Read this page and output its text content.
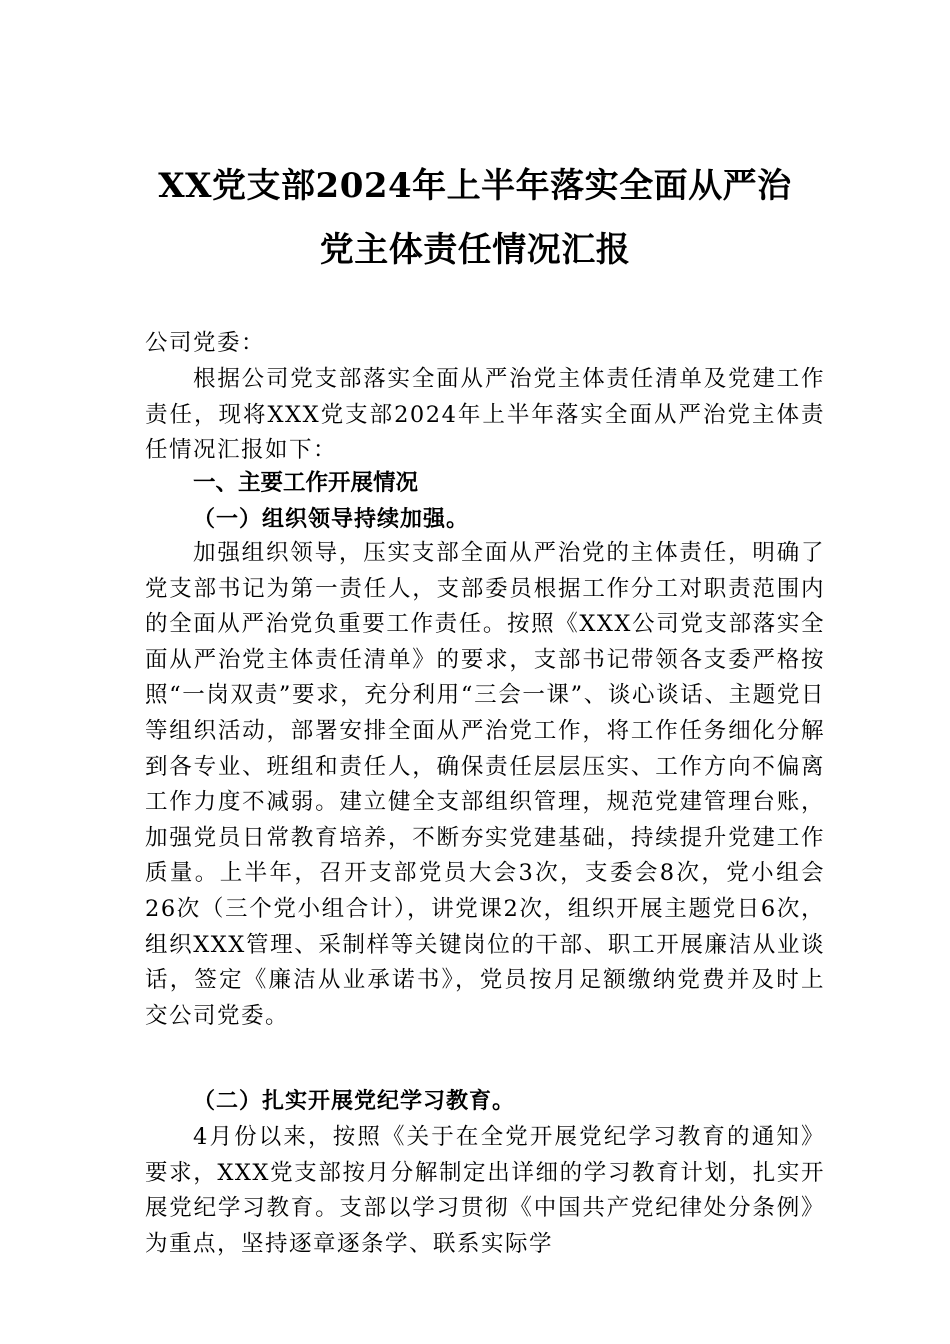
XX党支部2024年上半年落实全面从严治
党主体责任情况汇报

公司党委：

根据公司党支部落实全面从严治党主体责任清单及党建工作责任，现将XXX党支部2024年上半年落实全面从严治党主体责任情况汇报如下：

一、主要工作开展情况

（一）组织领导持续加强。

加强组织领导，压实支部全面从严治党的主体责任，明确了党支部书记为第一责任人，支部委员根据工作分工对职责范围内的全面从严治党负重要工作责任。按照《XXX公司党支部落实全面从严治党主体责任清单》的要求，支部书记带领各支委严格按照“一岗双责”要求，充分利用“三会一课”、谈心谈话、主题党日等组织活动，部署安排全面从严治党工作，将工作任务细化分解到各专业、班组和责任人，确保责任层层压实、工作方向不偏离工作力度不减弱。建立健全支部组织管理，规范党建管理台账，加强党员日常教育培养，不断夯实党建基础，持续提升党建工作质量。上半年，召开支部党员大会3次，支委会8次，党小组会26次（三个党小组合计），讲党课2次，组织开展主题党日6次，组织XXX管理、采制样等关键岗位的干部、职工开展廉洁从业谈话，签定《廉洁从业承诺书》，党员按月足额缴纳党费并及时上交公司党委。

（二）扎实开展党纪学习教育。

4月份以来，按照《关于在全党开展党纪学习教育的通知》要求，XXX党支部按月分解制定出详细的学习教育计划，扎实开展党纪学习教育。支部以学习贯彻《中国共产党纪律处分条例》为重点，坚持逐章逐条学、联系实际学
